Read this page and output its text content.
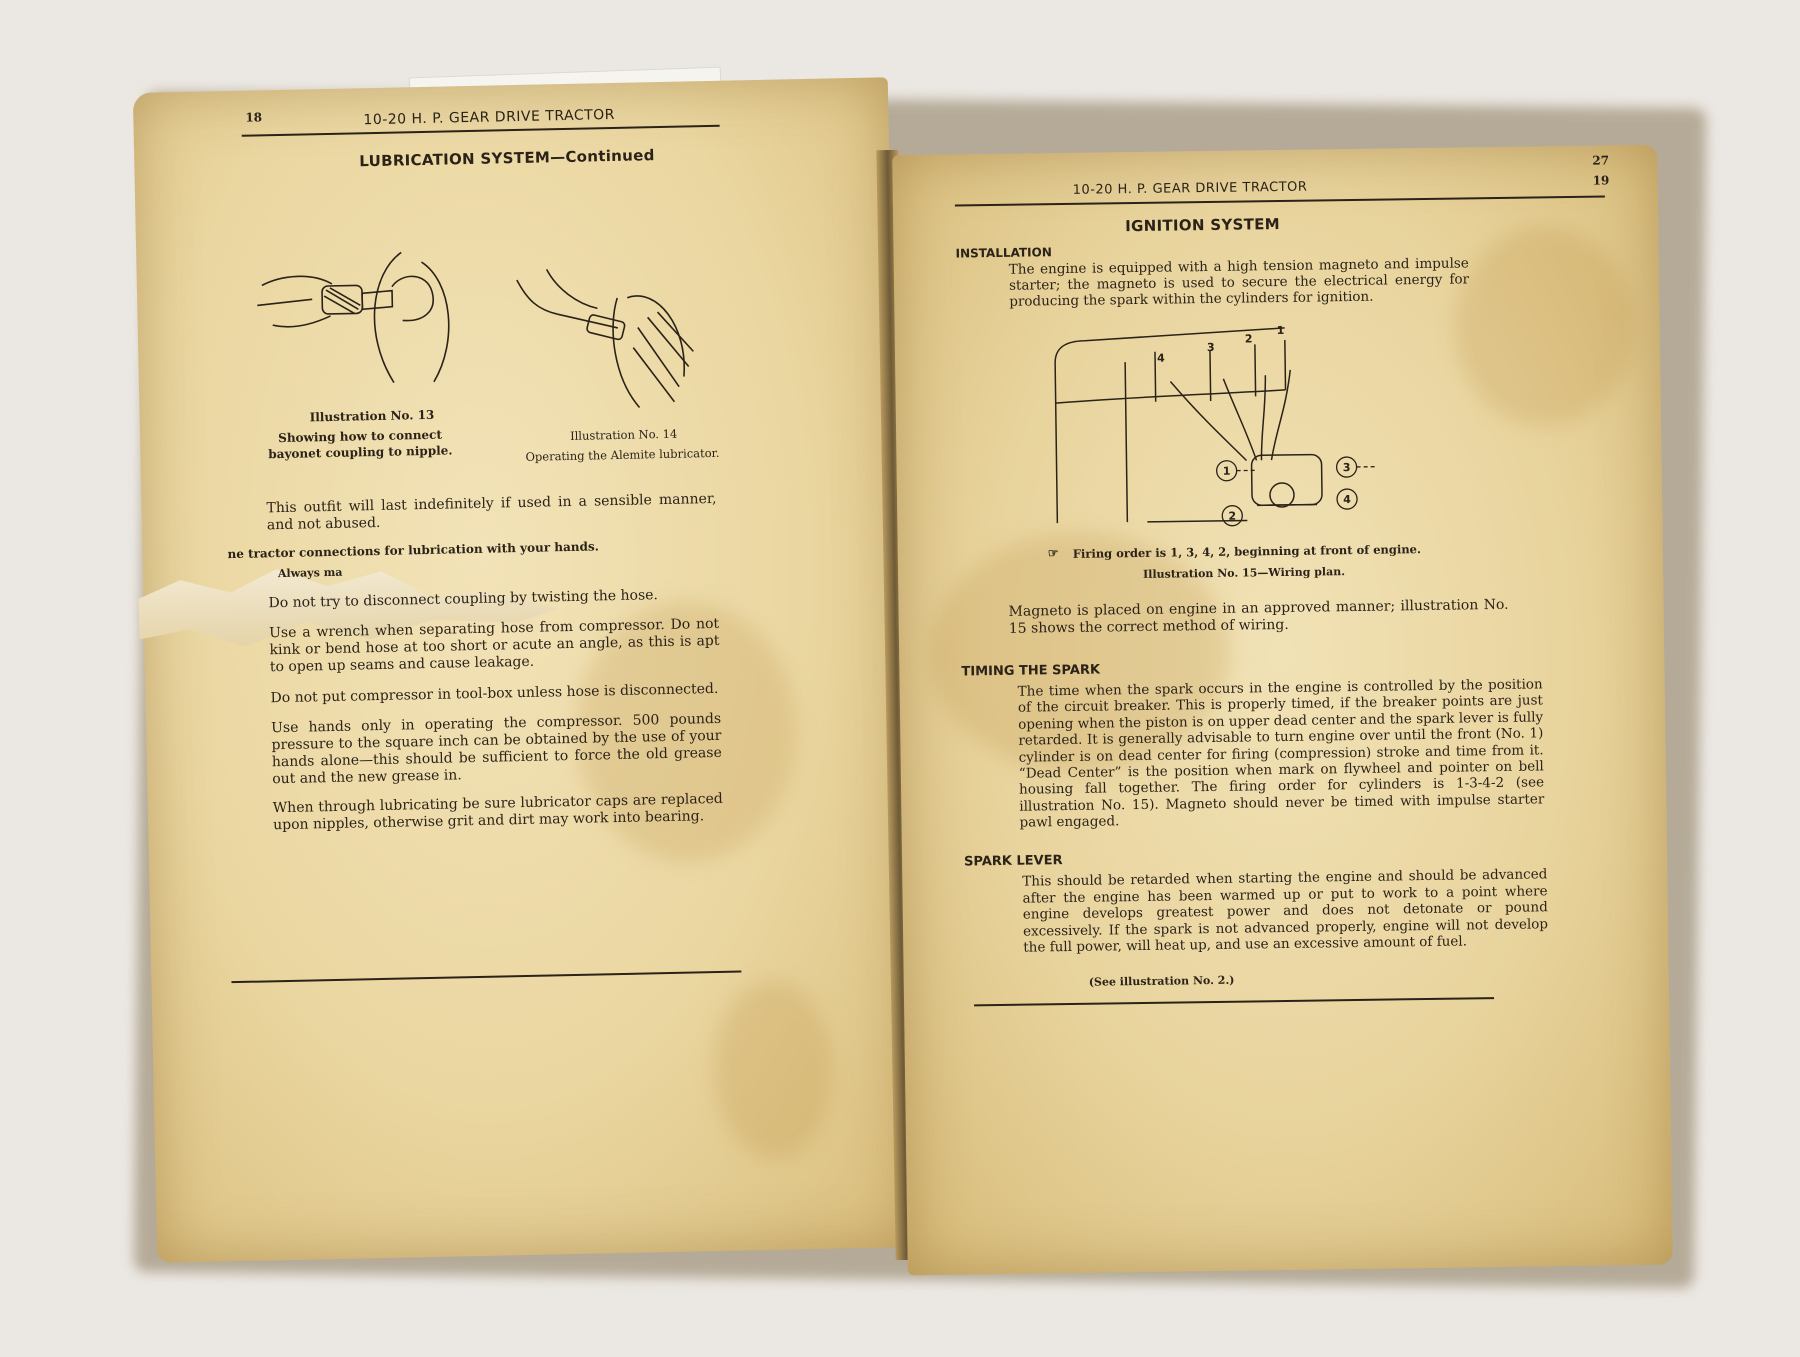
18	10-20 H. P. GEAR DRIVE TRACTOR
LUBRICATION SYSTEM—Continued
Illustration No. 13
Showing how to connect bayonet coupling to nipple.
Illustration No. 14
Operating the Alemite lubricator.

This outfit will last indefinitely if used in a sensible manner, and not abused.

ne tractor connections for lubrication with your hands.

Always ma

Do not try to disconnect coupling by twisting the hose.

Use a wrench when separating hose from compressor. Do not kink or bend hose at too short or acute an angle, as this is apt to open up seams and cause leakage.

Do not put compressor in tool-box unless hose is disconnected.

Use hands only in operating the compressor. 500 pounds pressure to the square inch can be obtained by the use of your hands alone—this should be sufficient to force the old grease out and the new grease in.

When through lubricating be sure lubricator caps are replaced upon nipples, otherwise grit and dirt may work into bearing.

27
19
10-20 H. P. GEAR DRIVE TRACTOR
IGNITION SYSTEM
INSTALLATION

The engine is equipped with a high tension magneto and impulse starter; the magneto is used to secure the electrical energy for producing the spark within the cylinders for ignition.

4
3
2
1
1
2
3
4
☞ Firing order is 1, 3, 4, 2, beginning at front of engine.
Illustration No. 15—Wiring plan.

Magneto is placed on engine in an approved manner; illustration No. 15 shows the correct method of wiring.

TIMING THE SPARK

The time when the spark occurs in the engine is controlled by the position of the circuit breaker. This is properly timed, if the breaker points are just opening when the piston is on upper dead center and the spark lever is fully retarded. It is generally advisable to turn engine over until the front (No. 1) cylinder is on dead center for firing (compression) stroke and time from it. “Dead Center” is the position when mark on flywheel and pointer on bell housing fall together. The firing order for cylinders is 1-3-4-2 (see illustration No. 15). Magneto should never be timed with impulse starter pawl engaged.

SPARK LEVER

This should be retarded when starting the engine and should be advanced after the engine has been warmed up or put to work to a point where engine develops greatest power and does not detonate or pound excessively. If the spark is not advanced properly, engine will not develop the full power, will heat up, and use an excessive amount of fuel.

(See illustration No. 2.)
